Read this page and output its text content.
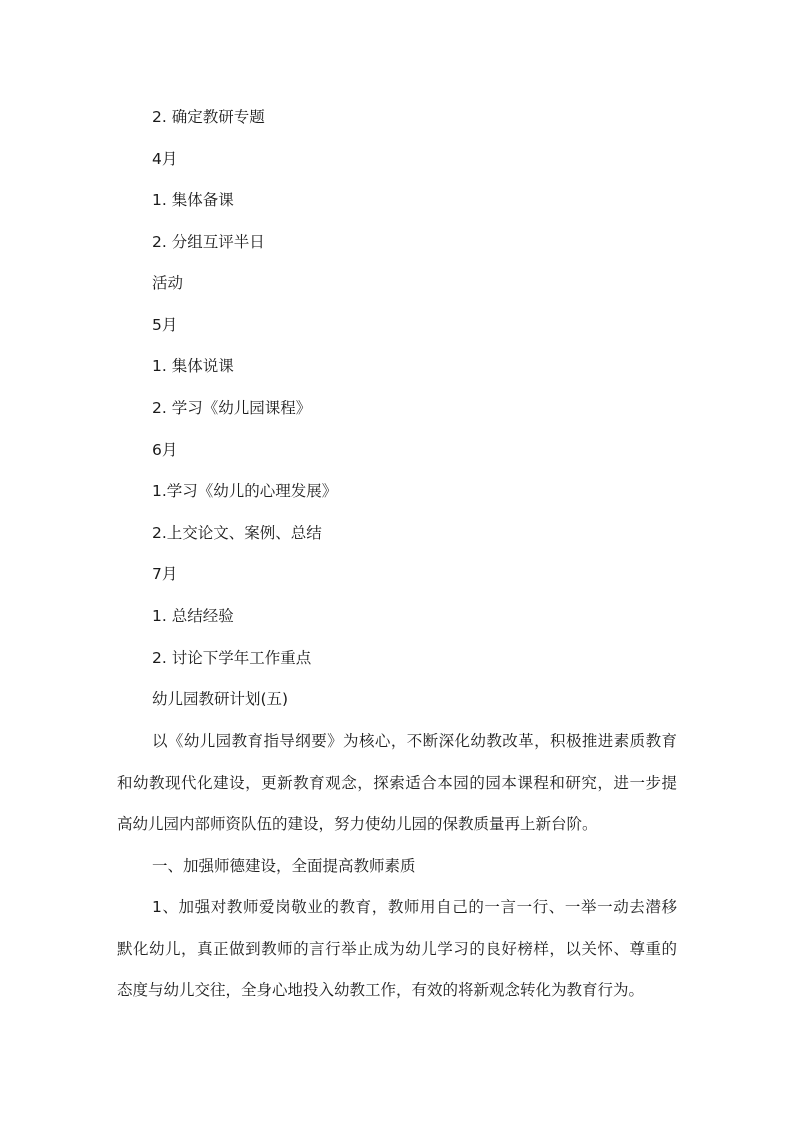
2. 确定教研专题

4月

1. 集体备课

2. 分组互评半日

活动

5月

1. 集体说课

2. 学习《幼儿园课程》

6月

1.学习《幼儿的心理发展》

2.上交论文、案例、总结

7月

1. 总结经验

2. 讨论下学年工作重点

幼儿园教研计划(五)

以《幼儿园教育指导纲要》为核心，不断深化幼教改革，积极推进素质教育
和幼教现代化建设，更新教育观念，探索适合本园的园本课程和研究，进一步提
高幼儿园内部师资队伍的建设，努力使幼儿园的保教质量再上新台阶。

一、加强师德建设，全面提高教师素质

1、加强对教师爱岗敬业的教育，教师用自己的一言一行、一举一动去潜移
默化幼儿，真正做到教师的言行举止成为幼儿学习的良好榜样，以关怀、尊重的
态度与幼儿交往，全身心地投入幼教工作，有效的将新观念转化为教育行为。
